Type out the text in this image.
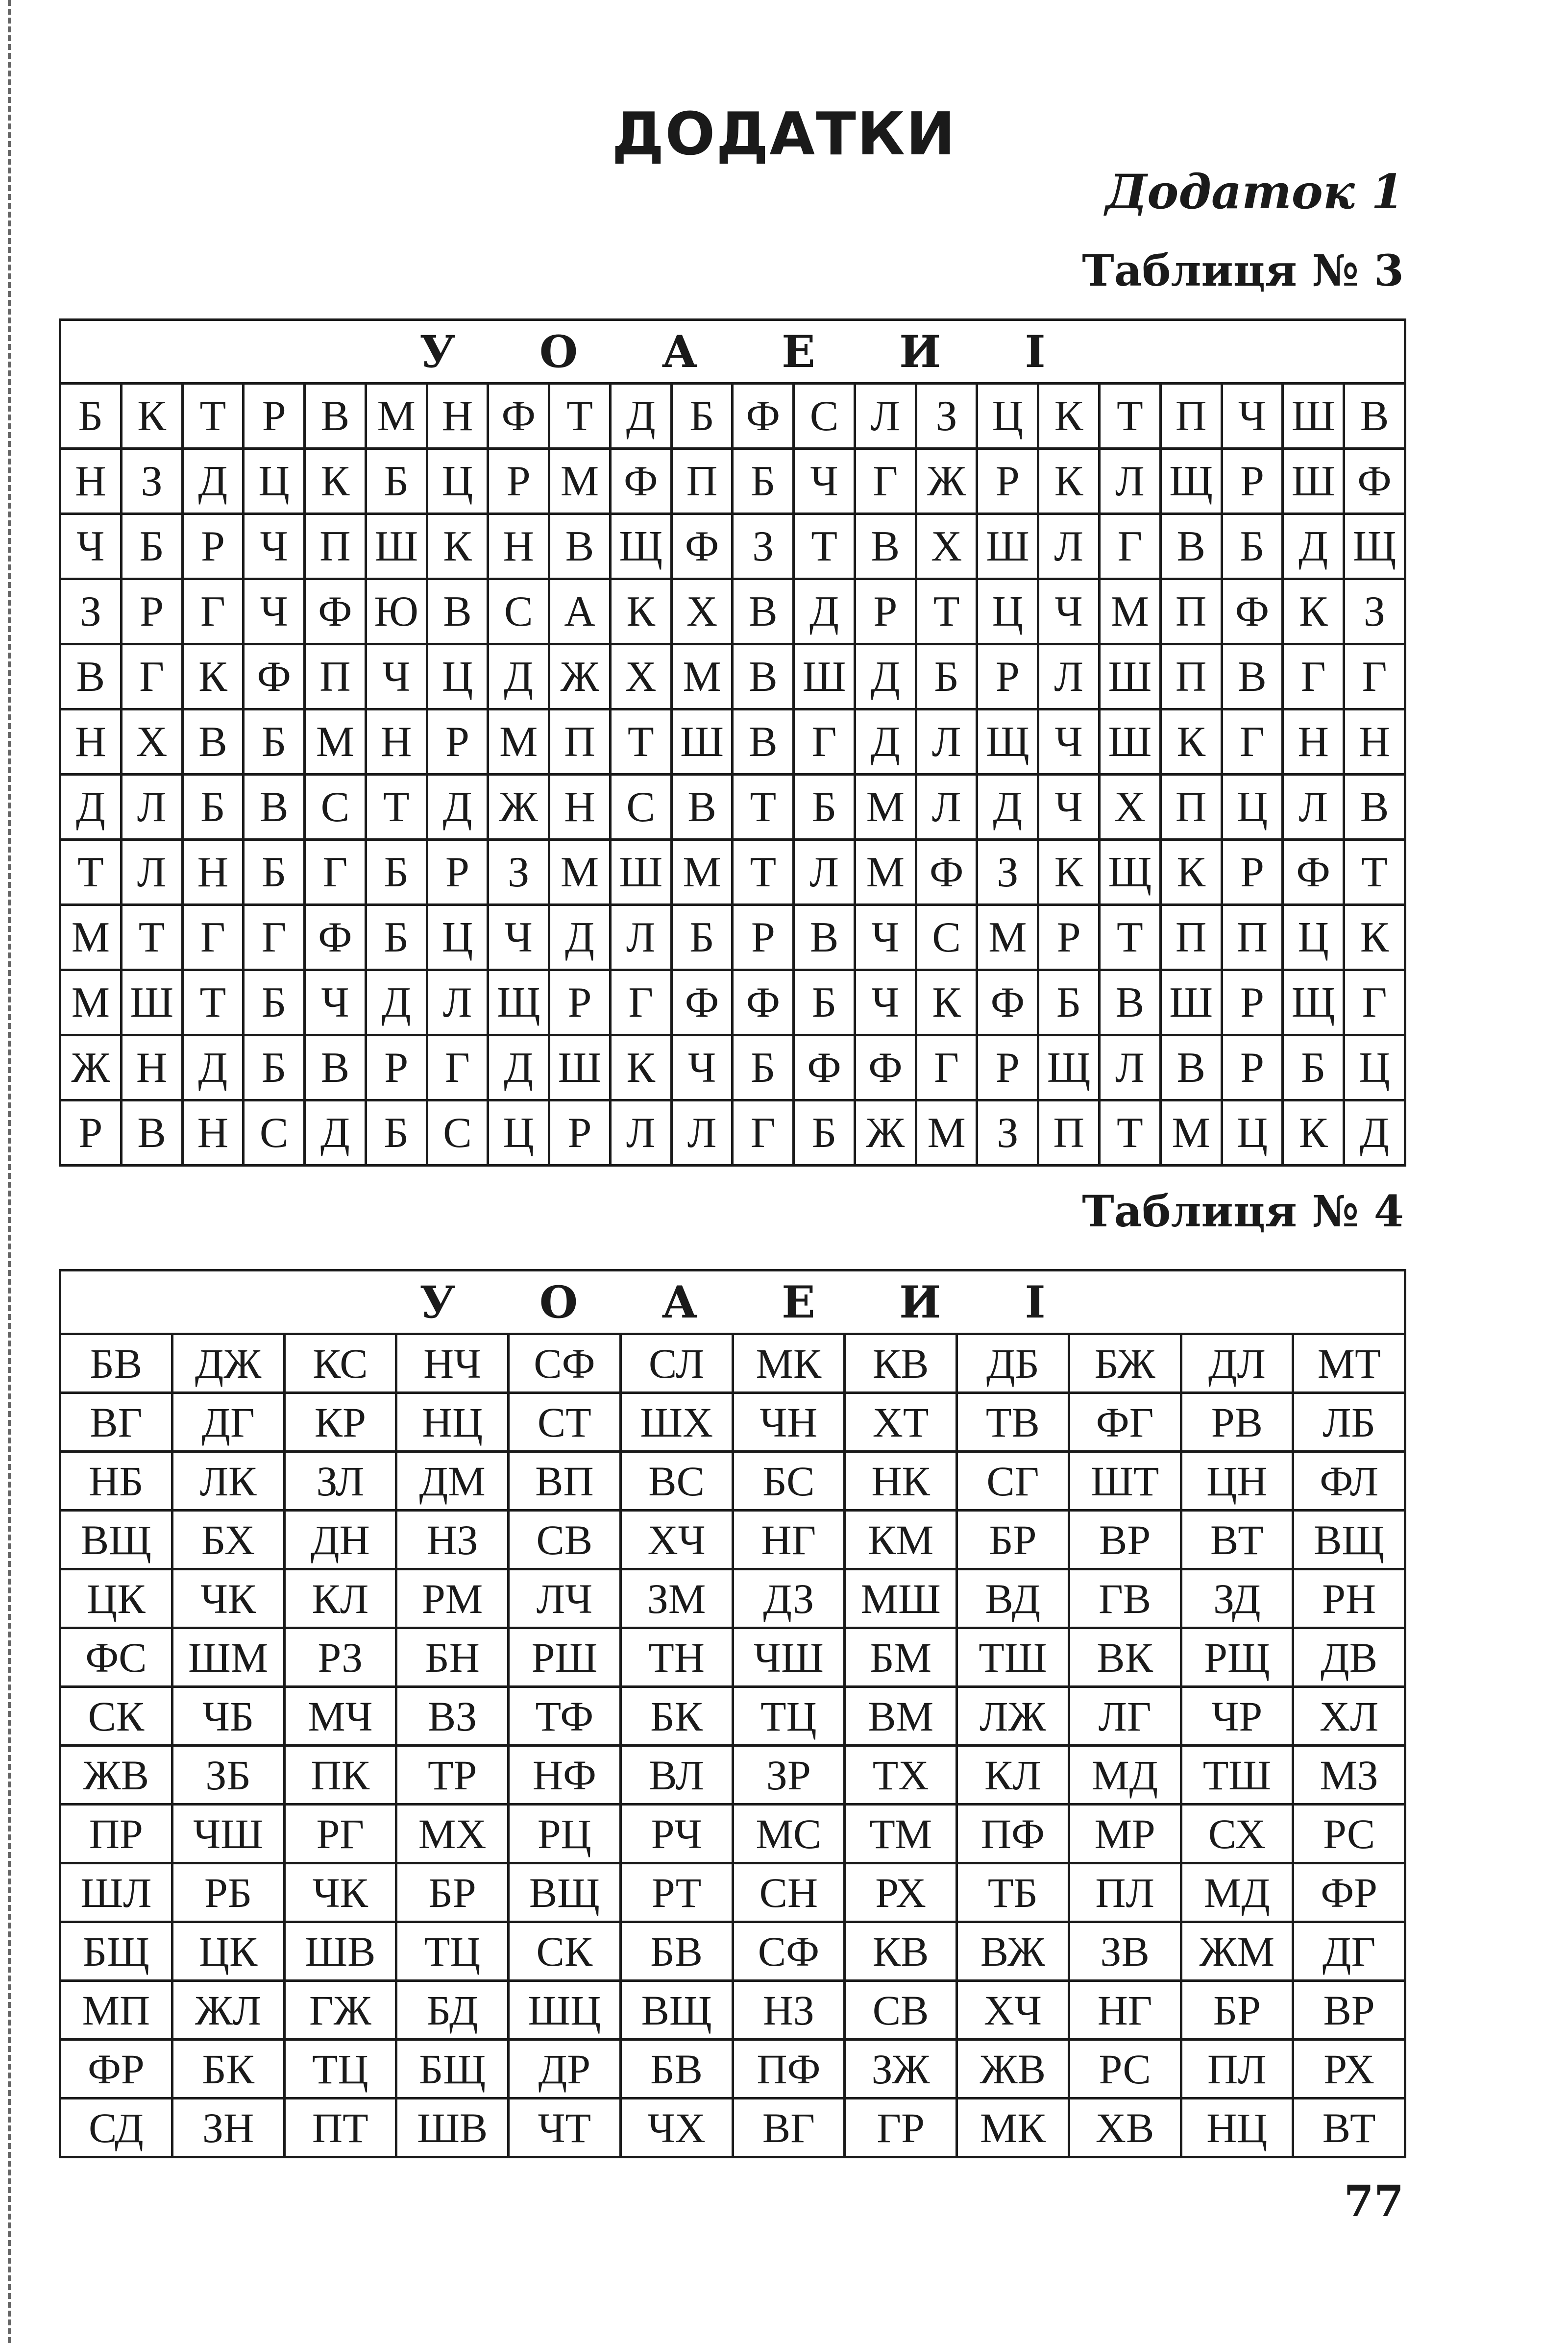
ДОДАТКИ
Додаток 1
Таблиця № 3
У О А Е И І																					
Б	К	Т	Р	В	М	Н	Ф	Т	Д	Б	Ф	С	Л	З	Ц	К	Т	П	Ч	Ш	В
Н	З	Д	Ц	К	Б	Ц	Р	М	Ф	П	Б	Ч	Г	Ж	Р	К	Л	Щ	Р	Ш	Ф
Ч	Б	Р	Ч	П	Ш	К	Н	В	Щ	Ф	З	Т	В	Х	Ш	Л	Г	В	Б	Д	Щ
З	Р	Г	Ч	Ф	Ю	В	С	А	К	Х	В	Д	Р	Т	Ц	Ч	М	П	Ф	К	З
В	Г	К	Ф	П	Ч	Ц	Д	Ж	Х	М	В	Ш	Д	Б	Р	Л	Ш	П	В	Г	Г
Н	Х	В	Б	М	Н	Р	М	П	Т	Ш	В	Г	Д	Л	Щ	Ч	Ш	К	Г	Н	Н
Д	Л	Б	В	С	Т	Д	Ж	Н	С	В	Т	Б	М	Л	Д	Ч	Х	П	Ц	Л	В
Т	Л	Н	Б	Г	Б	Р	З	М	Ш	М	Т	Л	М	Ф	З	К	Щ	К	Р	Ф	Т
М	Т	Г	Г	Ф	Б	Ц	Ч	Д	Л	Б	Р	В	Ч	С	М	Р	Т	П	П	Ц	К
М	Ш	Т	Б	Ч	Д	Л	Щ	Р	Г	Ф	Ф	Б	Ч	К	Ф	Б	В	Ш	Р	Щ	Г
Ж	Н	Д	Б	В	Р	Г	Д	Ш	К	Ч	Б	Ф	Ф	Г	Р	Щ	Л	В	Р	Б	Ц
Р	В	Н	С	Д	Б	С	Ц	Р	Л	Л	Г	Б	Ж	М	З	П	Т	М	Ц	К	Д
Таблиця № 4
У О А Е И І											
БВ	ДЖ	КС	НЧ	СФ	СЛ	МК	КВ	ДБ	БЖ	ДЛ	МТ
ВГ	ДГ	КР	НЦ	СТ	ШХ	ЧН	ХТ	ТВ	ФГ	РВ	ЛБ
НБ	ЛК	ЗЛ	ДМ	ВП	ВС	БС	НК	СГ	ШТ	ЦН	ФЛ
ВЩ	БХ	ДН	НЗ	СВ	ХЧ	НГ	КМ	БР	ВР	ВТ	ВЩ
ЦК	ЧК	КЛ	РМ	ЛЧ	ЗМ	ДЗ	МШ	ВД	ГВ	ЗД	РН
ФС	ШМ	РЗ	БН	РШ	ТН	ЧШ	БМ	ТШ	ВК	РЩ	ДВ
СК	ЧБ	МЧ	ВЗ	ТФ	БК	ТЦ	ВМ	ЛЖ	ЛГ	ЧР	ХЛ
ЖВ	ЗБ	ПК	ТР	НФ	ВЛ	ЗР	ТХ	КЛ	МД	ТШ	МЗ
ПР	ЧШ	РГ	МХ	РЦ	РЧ	МС	ТМ	ПФ	МР	СХ	РС
ШЛ	РБ	ЧК	БР	ВЩ	РТ	СН	РХ	ТБ	ПЛ	МД	ФР
БЩ	ЦК	ШВ	ТЦ	СК	БВ	СФ	КВ	ВЖ	ЗВ	ЖМ	ДГ
МП	ЖЛ	ГЖ	БД	ШЦ	ВЩ	НЗ	СВ	ХЧ	НГ	БР	ВР
ФР	БК	ТЦ	БЩ	ДР	БВ	ПФ	ЗЖ	ЖВ	РС	ПЛ	РХ
СД	ЗН	ПТ	ШВ	ЧТ	ЧХ	ВГ	ГР	МК	ХВ	НЦ	ВТ
77
